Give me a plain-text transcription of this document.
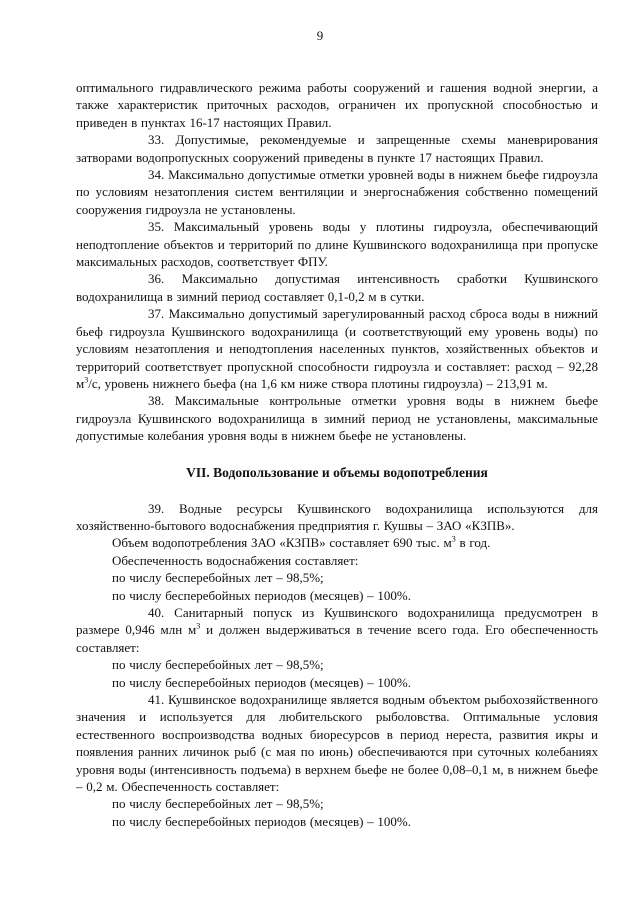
9

оптимального гидравлического режима работы сооружений и гашения водной энергии, а также характеристик приточных расходов, ограничен их пропускной способностью и приведен в пунктах 16-17 настоящих Правил.

33. Допустимые, рекомендуемые и запрещенные схемы маневрирования затворами водопропускных сооружений приведены в пункте 17 настоящих Правил.

34. Максимально допустимые отметки уровней воды в нижнем бьефе гидроузла по условиям незатопления систем вентиляции и энергоснабжения собственно помещений сооружения гидроузла не установлены.

35. Максимальный уровень воды у плотины гидроузла, обеспечивающий неподтопление объектов и территорий по длине Кушвинского водохранилища при пропуске максимальных расходов, соответствует ФПУ.

36. Максимально допустимая интенсивность сработки Кушвинского водохранилища в зимний период составляет 0,1-0,2 м в сутки.

37. Максимально допустимый зарегулированный расход сброса воды в нижний бьеф гидроузла Кушвинского водохранилища (и соответствующий ему уровень воды) по условиям незатопления и неподтопления населенных пунктов, хозяйственных объектов и территорий соответствует пропускной способности гидроузла и составляет: расход – 92,28 $м^3/с$, уровень нижнего бьефа (на 1,6 км ниже створа плотины гидроузла) – 213,91 м.

38. Максимальные контрольные отметки уровня воды в нижнем бьефе гидроузла Кушвинского водохранилища в зимний период не установлены, максимальные допустимые колебания уровня воды в нижнем бьефе не установлены.

VII. Водопользование и объемы водопотребления

39. Водные ресурсы Кушвинского водохранилища используются для хозяйственно-бытового водоснабжения предприятия г. Кушвы – ЗАО «КЗПВ».

Объем водопотребления ЗАО «КЗПВ» составляет 690 тыс. $м^3$ в год.

Обеспеченность водоснабжения составляет:

по числу бесперебойных лет – 98,5%;

по числу бесперебойных периодов (месяцев) – 100%.

40. Санитарный попуск из Кушвинского водохранилища предусмотрен в размере 0,946 млн $м^3$ и должен выдерживаться в течение всего года. Его обеспеченность составляет:

по числу бесперебойных лет – 98,5%;

по числу бесперебойных периодов (месяцев) – 100%.

41. Кушвинское водохранилище является водным объектом рыбохозяйственного значения и используется для любительского рыболовства. Оптимальные условия естественного воспроизводства водных биоресурсов в период нереста, развития икры и появления ранних личинок рыб (с мая по июнь) обеспечиваются при суточных колебаниях уровня воды (интенсивность подъема) в верхнем бьефе не более 0,08–0,1 м, в нижнем бьефе – 0,2 м. Обеспеченность составляет:

по числу бесперебойных лет – 98,5%;

по числу бесперебойных периодов (месяцев) – 100%.
